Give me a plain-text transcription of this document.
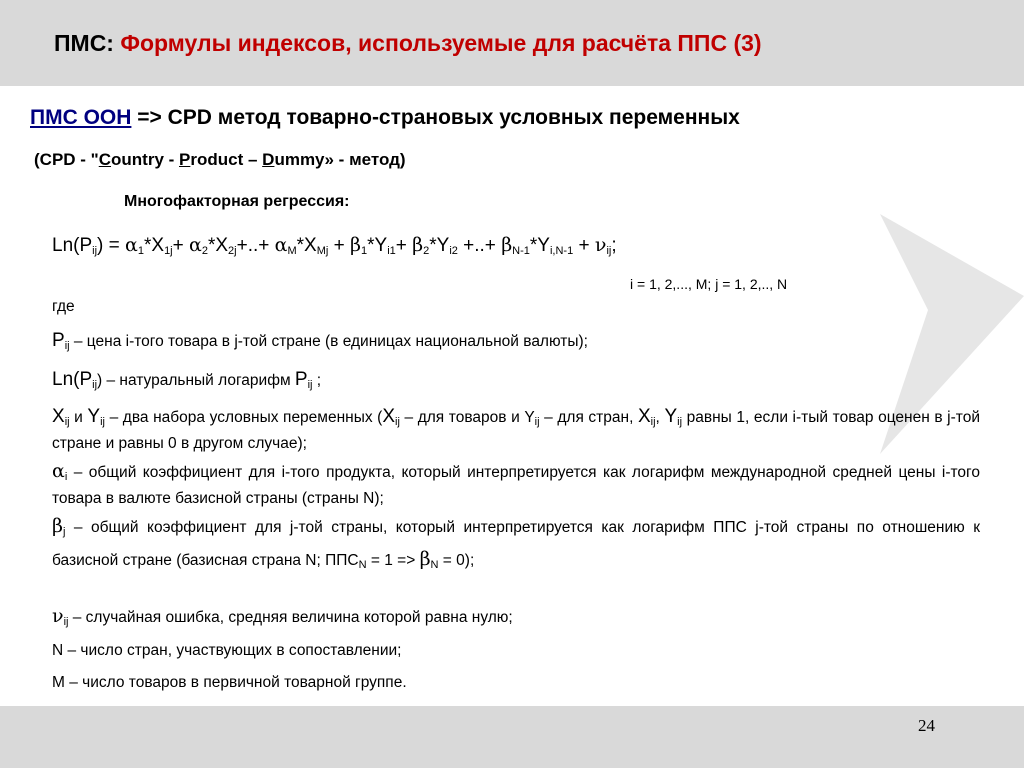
ПМС: Формулы индексов, используемые для расчёта ППС (3)
ПМС ООН => CPD метод товарно-страновых условных переменных
(CPD - "Country - Product – Dummy» - метод)
Многофакторная регрессия:
$Ln(P_{ij}) = \alpha_1*X_{1j}+ \alpha_2*X_{2j}+..+ \alpha_M*X_{Mj} + \beta_1*Y_{i1}+ \beta_2*Y_{i2}$ +..+ $\beta_{N-1}*Y_{i,N-1} + \nu_{ij}$;
i = 1, 2,..., M; j = 1, 2,.., N
где
$P_{ij}$ – цена i-того товара в j-той стране (в единицах национальной валюты);
$Ln(P_{ij})$ – натуральный логарифм $P_{ij}$ ;
$X_{ij}$ и $Y_{ij}$ – два набора условных переменных ($X_{ij}$ – для товаров и $Y_{ij}$ – для стран, $X_{ij}$, $Y_{ij}$ равны 1, если i-тый товар оценен в j-той стране и равны 0 в другом случае);
$\alpha_i$ – общий коэффициент для i-того продукта, который интерпретируется как логарифм международной средней цены i-того товара в валюте базисной страны (страны N);
$\beta_j$ – общий коэффициент для j-той страны, который интерпретируется как логарифм ППС j-той страны по отношению к базисной стране (базисная страна N; $ППС_N = 1 => \beta_N = 0$);
$\nu_{ij}$ – случайная ошибка, средняя величина которой равна нулю;
N – число стран, участвующих в сопоставлении;
M – число товаров в первичной товарной группе.
24
